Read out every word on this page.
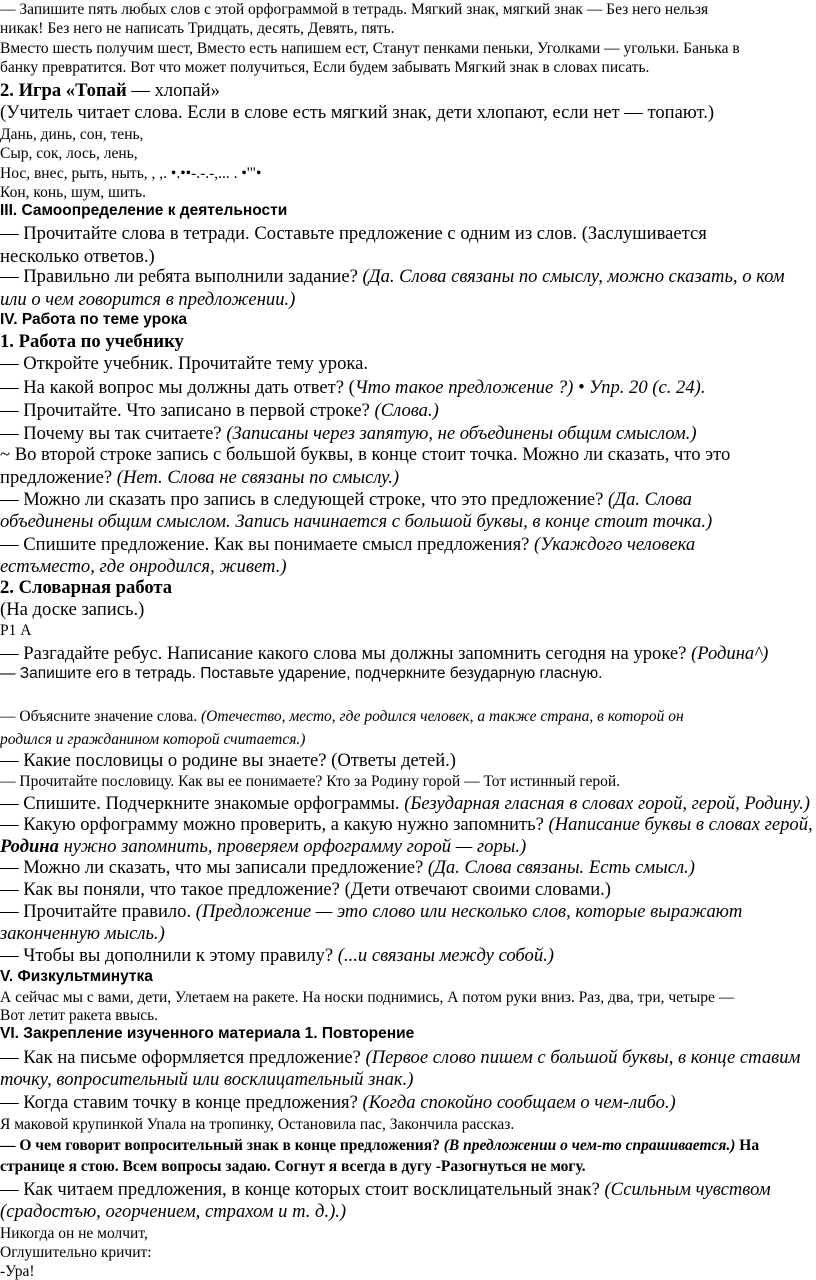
— Запишите пять любых слов с этой орфограммой в тетрадь. Мягкий знак, мягкий знак — Без него нельзя
никак! Без него не написать Тридцать, десять, Девять, пять.
Вместо шесть получим шест, Вместо есть напишем ест, Станут пенками пеньки, Уголками — угольки. Банька в
банку превратится. Вот что может получиться, Если будем забывать Мягкий знак в словах писать.
2. Игра «Топай — хлопай»
(Учитель читает слова. Если в слове есть мягкий знак, дети хлопают, если нет — топают.)
Дань, динь, сон, тень,
Сыр, сок, лось, лень,
Нос, внес, рыть, ныть, , ,. •.••-.-.-,... . •'"•
Кон, конь, шум, шить.
III. Самоопределение к деятельности
— Прочитайте слова в тетради. Составьте предложение с одним из слов. (Заслушивается
несколько ответов.)
— Правильно ли ребята выполнили задание? (Да. Слова связаны по смыслу, можно сказать, о ком
или о чем говорится в предложении.)
IV. Работа по теме урока
1. Работа по учебнику
— Откройте учебник. Прочитайте тему урока.
— На какой вопрос мы должны дать ответ? (Что такое предложение ?) • Упр. 20 (с. 24).
— Прочитайте. Что записано в первой строке? (Слова.)
— Почему вы так считаете? (Записаны через запятую, не объединены общим смыслом.)
~ Во второй строке запись с большой буквы, в конце стоит точка. Можно ли сказать, что это
предложение? (Нет. Слова не связаны по смыслу.)
— Можно ли сказать про запись в следующей строке, что это предложение? (Да. Слова
объединены общим смыслом. Запись начинается с большой буквы, в конце стоит точка.)
— Спишите предложение. Как вы понимаете смысл предложения? (Укаждого человека
естъместо, где онродился, живет.)
2. Словарная работа
(На доске запись.)
Р1 А
— Разгадайте ребус. Написание какого слова мы должны запомнить сегодня на уроке? (Родина^)
— Запишите его в тетрадь. Поставьте ударение, подчеркните безударную гласную.
— Объясните значение слова. (Отечество, место, где родился человек, а также страна, в которой он
родился и гражданином которой считается.)
— Какие пословицы о родине вы знаете? (Ответы детей.)
— Прочитайте пословицу. Как вы ее понимаете? Кто за Родину горой — Тот истинный герой.
— Спишите. Подчеркните знакомые орфограммы. (Безударная гласная в словах горой, герой, Родину.)
— Какую орфограмму можно проверить, а какую нужно запомнить? (Написание буквы в словах герой,
Родина нужно запомнить, проверяем орфограмму горой — горы.)
— Можно ли сказать, что мы записали предложение? (Да. Слова связаны. Есть смысл.)
— Как вы поняли, что такое предложение? (Дети отвечают своими словами.)
— Прочитайте правило. (Предложение — это слово или несколько слов, которые выражают
законченную мысль.)
— Чтобы вы дополнили к этому правилу? (...и связаны между собой.)
V. Физкультминутка
А сейчас мы с вами, дети, Улетаем на ракете. На носки поднимись, А потом руки вниз. Раз, два, три, четыре —
Вот летит ракета ввысь.
VI. Закрепление изученного материала 1. Повторение
— Как на письме оформляется предложение? (Первое слово пишем с большой буквы, в конце ставим
точку, вопросительный или восклицательный знак.)
— Когда ставим точку в конце предложения? (Когда спокойно сообщаем о чем-либо.)
Я маковой крупинкой Упала на тропинку, Остановила пас, Закончила рассказ.
— О чем говорит вопросительный знак в конце предложения? (В предложении о чем-то спрашивается.) На
странице я стою. Всем вопросы задаю. Согнут я всегда в дугу -Разогнуться не могу.
— Как читаем предложения, в конце которых стоит восклицательный знак? (Ссильным чувством
(срадостъю, огорчением, страхом и т. д.).)
Никогда он не молчит,
Оглушительно кричит:
-Ура!
